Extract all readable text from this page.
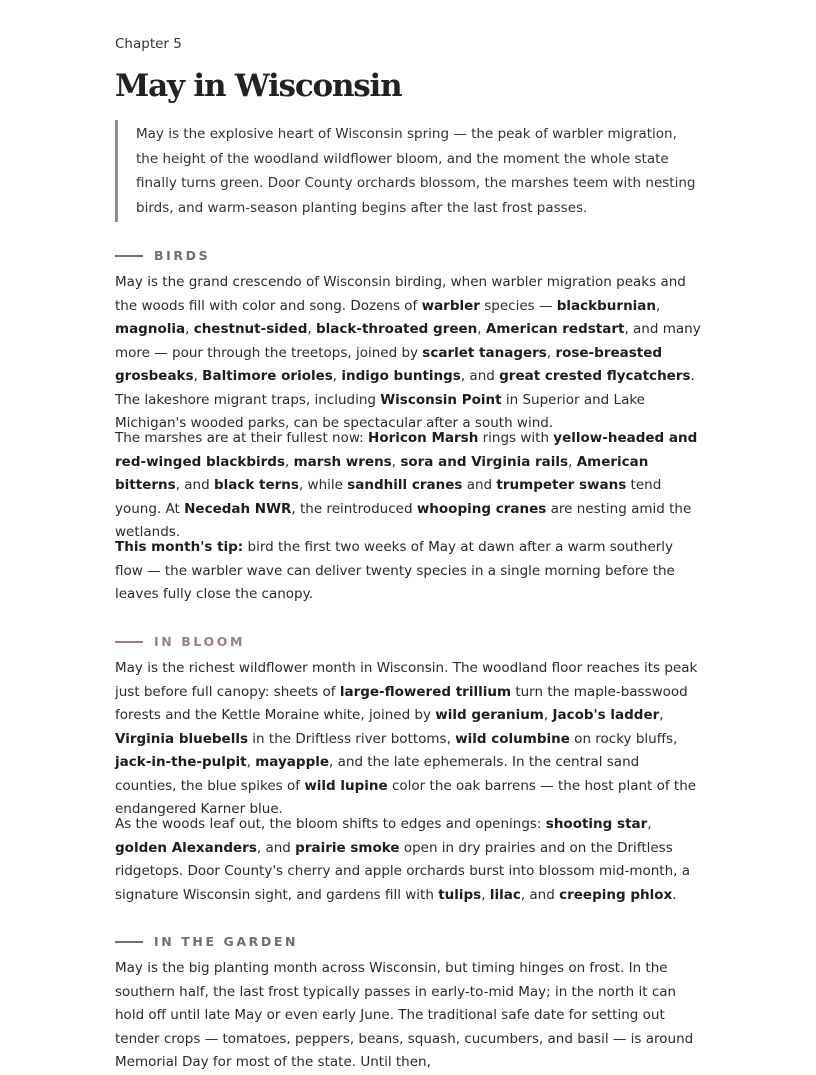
Chapter 5
May in Wisconsin
May is the explosive heart of Wisconsin spring — the peak of warbler migration, the height of the woodland wildflower bloom, and the moment the whole state finally turns green. Door County orchards blossom, the marshes teem with nesting birds, and warm-season planting begins after the last frost passes.
BIRDS

May is the grand crescendo of Wisconsin birding, when warbler migration peaks and the woods fill with color and song. Dozens of warbler species — blackburnian, magnolia, chestnut-sided, black-throated green, American redstart, and many more — pour through the treetops, joined by scarlet tanagers, rose-breasted grosbeaks, Baltimore orioles, indigo buntings, and great crested flycatchers. The lakeshore migrant traps, including Wisconsin Point in Superior and Lake Michigan's wooded parks, can be spectacular after a south wind.

The marshes are at their fullest now: Horicon Marsh rings with yellow-headed and red-winged blackbirds, marsh wrens, sora and Virginia rails, American bitterns, and black terns, while sandhill cranes and trumpeter swans tend young. At Necedah NWR, the reintroduced whooping cranes are nesting amid the wetlands.

This month's tip: bird the first two weeks of May at dawn after a warm southerly flow — the warbler wave can deliver twenty species in a single morning before the leaves fully close the canopy.

IN BLOOM

May is the richest wildflower month in Wisconsin. The woodland floor reaches its peak just before full canopy: sheets of large-flowered trillium turn the maple-basswood forests and the Kettle Moraine white, joined by wild geranium, Jacob's ladder, Virginia bluebells in the Driftless river bottoms, wild columbine on rocky bluffs, jack-in-the-pulpit, mayapple, and the late ephemerals. In the central sand counties, the blue spikes of wild lupine color the oak barrens — the host plant of the endangered Karner blue.

As the woods leaf out, the bloom shifts to edges and openings: shooting star, golden Alexanders, and prairie smoke open in dry prairies and on the Driftless ridgetops. Door County's cherry and apple orchards burst into blossom mid-month, a signature Wisconsin sight, and gardens fill with tulips, lilac, and creeping phlox.

IN THE GARDEN

May is the big planting month across Wisconsin, but timing hinges on frost. In the southern half, the last frost typically passes in early-to-mid May; in the north it can hold off until late May or even early June. The traditional safe date for setting out tender crops — tomatoes, peppers, beans, squash, cucumbers, and basil — is around Memorial Day for most of the state. Until then,
